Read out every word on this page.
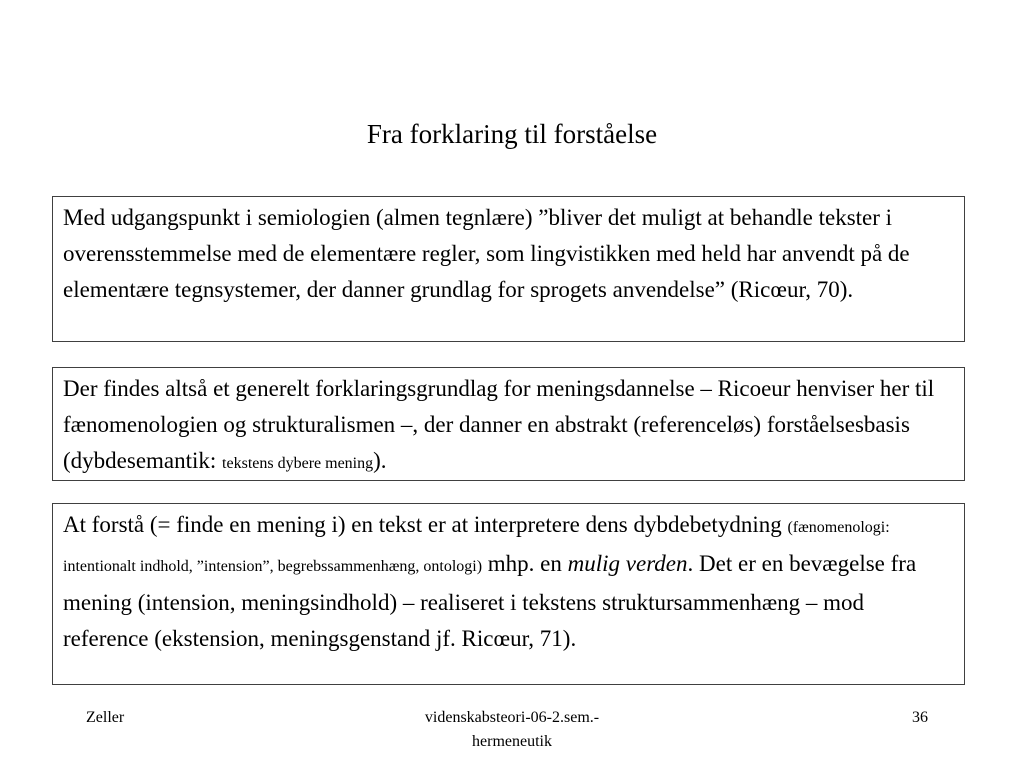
Fra forklaring til forståelse
Med udgangspunkt i semiologien (almen tegnlære) ”bliver det muligt at behandle tekster i overensstemmelse med de elementære regler, som lingvistikken med held har anvendt på de elementære tegnsystemer, der danner grundlag for sprogets anvendelse” (Ricœur, 70).
Der findes altså et generelt forklaringsgrundlag for meningsdannelse – Ricoeur henviser her til fænomenologien og strukturalismen –, der danner en abstrakt (referenceløs) forståelsesbasis (dybdesemantik: tekstens dybere mening).
At forstå (= finde en mening i) en tekst er at interpretere dens dybdebetydning (fænomenologi: intentionalt indhold, ”intension”, begrebssammenhæng, ontologi) mhp. en mulig verden. Det er en bevægelse fra mening (intension, meningsindhold) – realiseret i tekstens struktursammenhæng – mod reference (ekstension, meningsgenstand jf. Ricœur, 71).
Zeller	videnskabsteori-06-2.sem.-
hermeneutik
36
